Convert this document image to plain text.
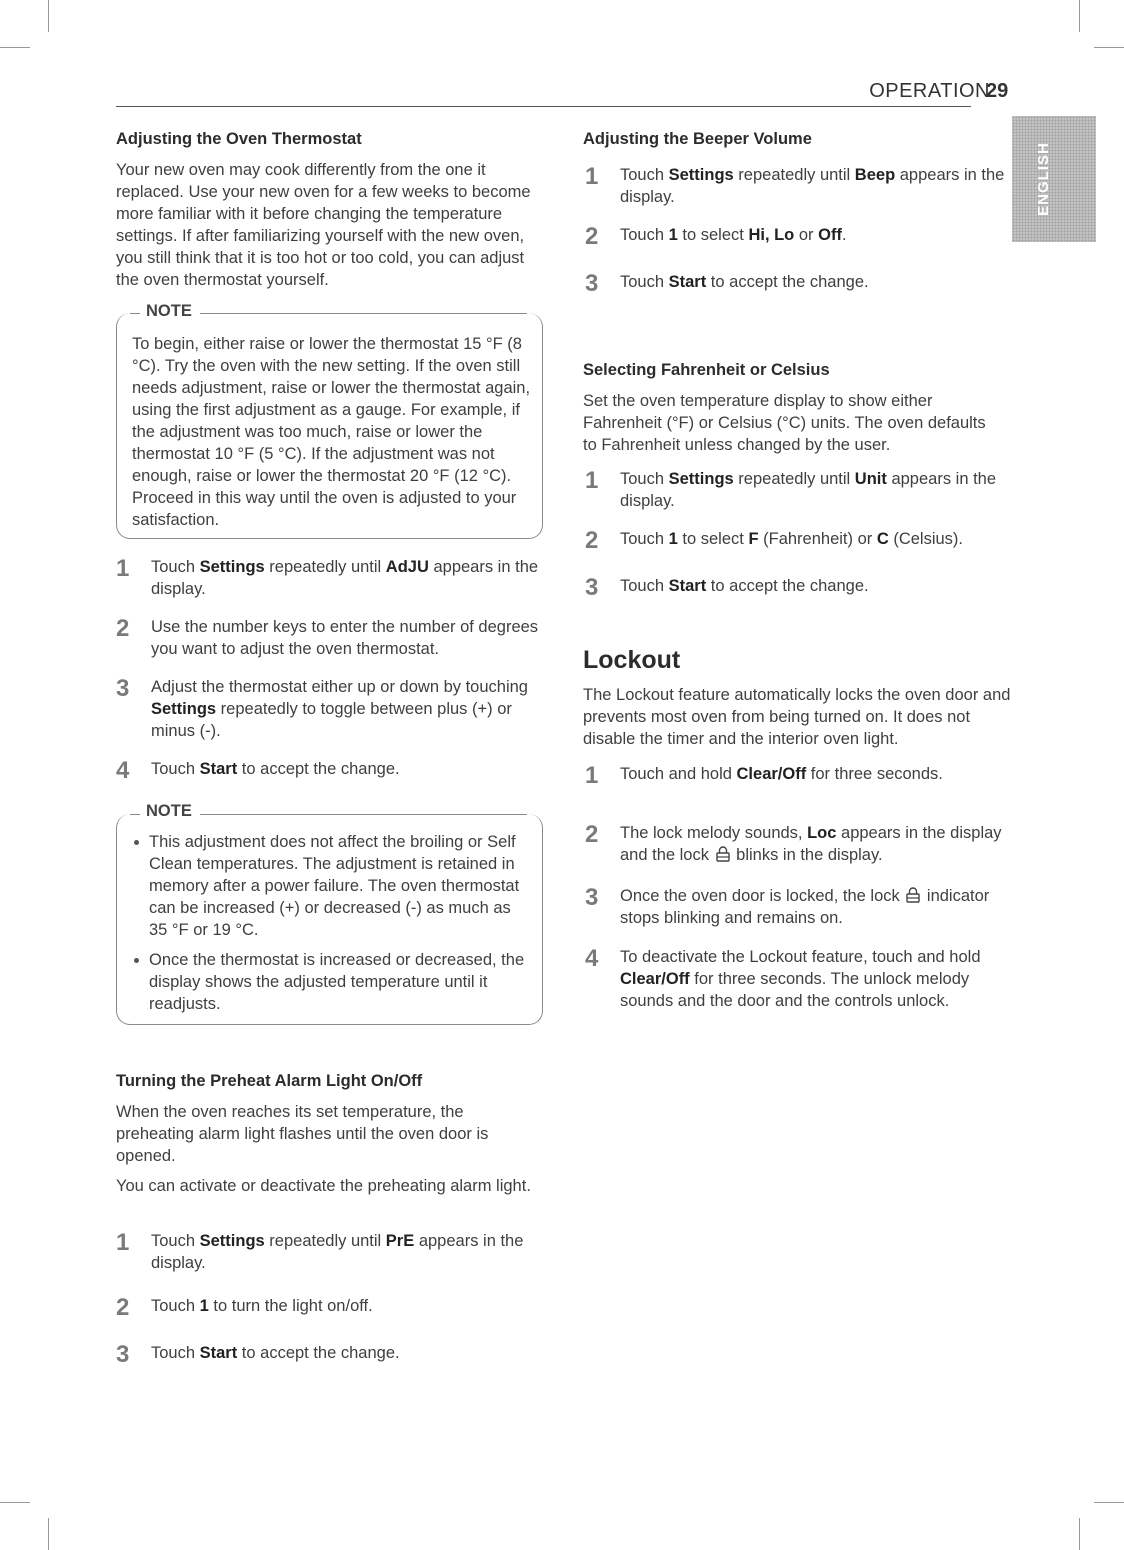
OPERATION
29
ENGLISH
Adjusting the Oven Thermostat

Your new oven may cook differently from the one it replaced. Use your new oven for a few weeks to become more familiar with it before changing the temperature settings. If after familiarizing yourself with the new oven, you still think that it is too hot or too cold, you can adjust the oven thermostat yourself.

NOTE

To begin, either raise or lower the thermostat 15 °F (8 °C). Try the oven with the new setting. If the oven still needs adjustment, raise or lower the thermostat again, using the first adjustment as a gauge. For example, if the adjustment was too much, raise or lower the thermostat 10 °F (5 °C). If the adjustment was not enough, raise or lower the thermostat 20 °F (12 °C). Proceed in this way until the oven is adjusted to your satisfaction.

1	Touch Settings repeatedly until AdJU appears in the display.
2	Use the number keys to enter the number of degrees you want to adjust the oven thermostat.
3	Adjust the thermostat either up or down by touching Settings repeatedly to toggle between plus (+) or minus (-).
4	Touch Start to accept the change.
NOTE

This adjustment does not affect the broiling or Self Clean temperatures. The adjustment is retained in memory after a power failure. The oven thermostat can be increased (+) or decreased (-) as much as 35 °F or 19 °C.

Once the thermostat is increased or decreased, the display shows the adjusted temperature until it readjusts.

Turning the Preheat Alarm Light On/Off

When the oven reaches its set temperature, the preheating alarm light flashes until the oven door is opened.

You can activate or deactivate the preheating alarm light.

1	Touch Settings repeatedly until PrE appears in the display.
2	Touch 1 to turn the light on/off.
3	Touch Start to accept the change.
Adjusting the Beeper Volume
1	Touch Settings repeatedly until Beep appears in the display.
2	Touch 1 to select Hi, Lo or Off.
3	Touch Start to accept the change.
Selecting Fahrenheit or Celsius

Set the oven temperature display to show either Fahrenheit (°F) or Celsius (°C) units. The oven defaults to Fahrenheit unless changed by the user.

1	Touch Settings repeatedly until Unit appears in the display.
2	Touch 1 to select F (Fahrenheit) or C (Celsius).
3	Touch Start to accept the change.
Lockout

The Lockout feature automatically locks the oven door and prevents most oven from being turned on. It does not disable the timer and the interior oven light.

1	Touch and hold Clear/Off for three seconds.
2	The lock melody sounds, Loc appears in the display and the lock  blinks in the display.
3	Once the oven door is locked, the lock  indicator stops blinking and remains on.
4	To deactivate the Lockout feature, touch and hold Clear/Off for three seconds. The unlock melody sounds and the door and the controls unlock.
